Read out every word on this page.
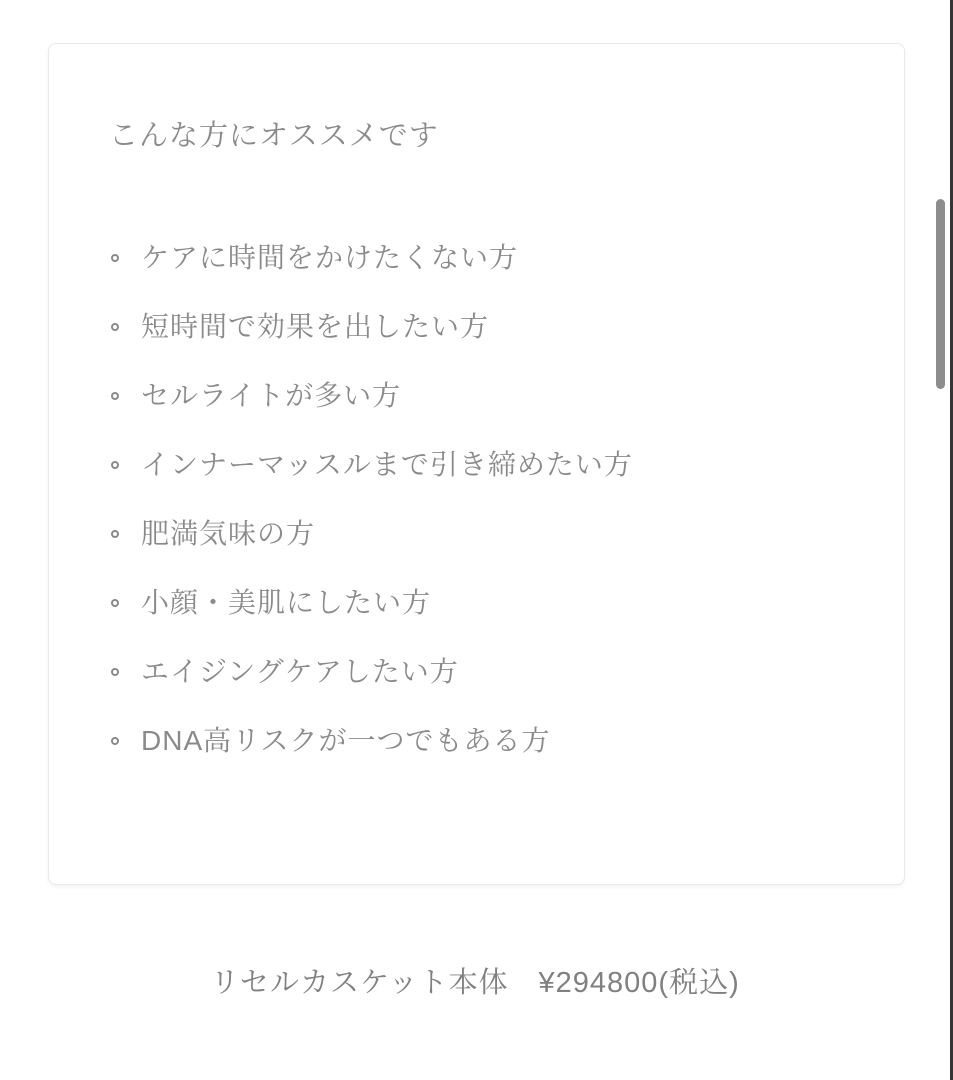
こんな方にオススメです
ケアに時間をかけたくない方
短時間で効果を出したい方
セルライトが多い方
インナーマッスルまで引き締めたい方
肥満気味の方
小顔・美肌にしたい方
エイジングケアしたい方
DNA高リスクが一つでもある方
リセルカスケット本体　¥294800(税込)
